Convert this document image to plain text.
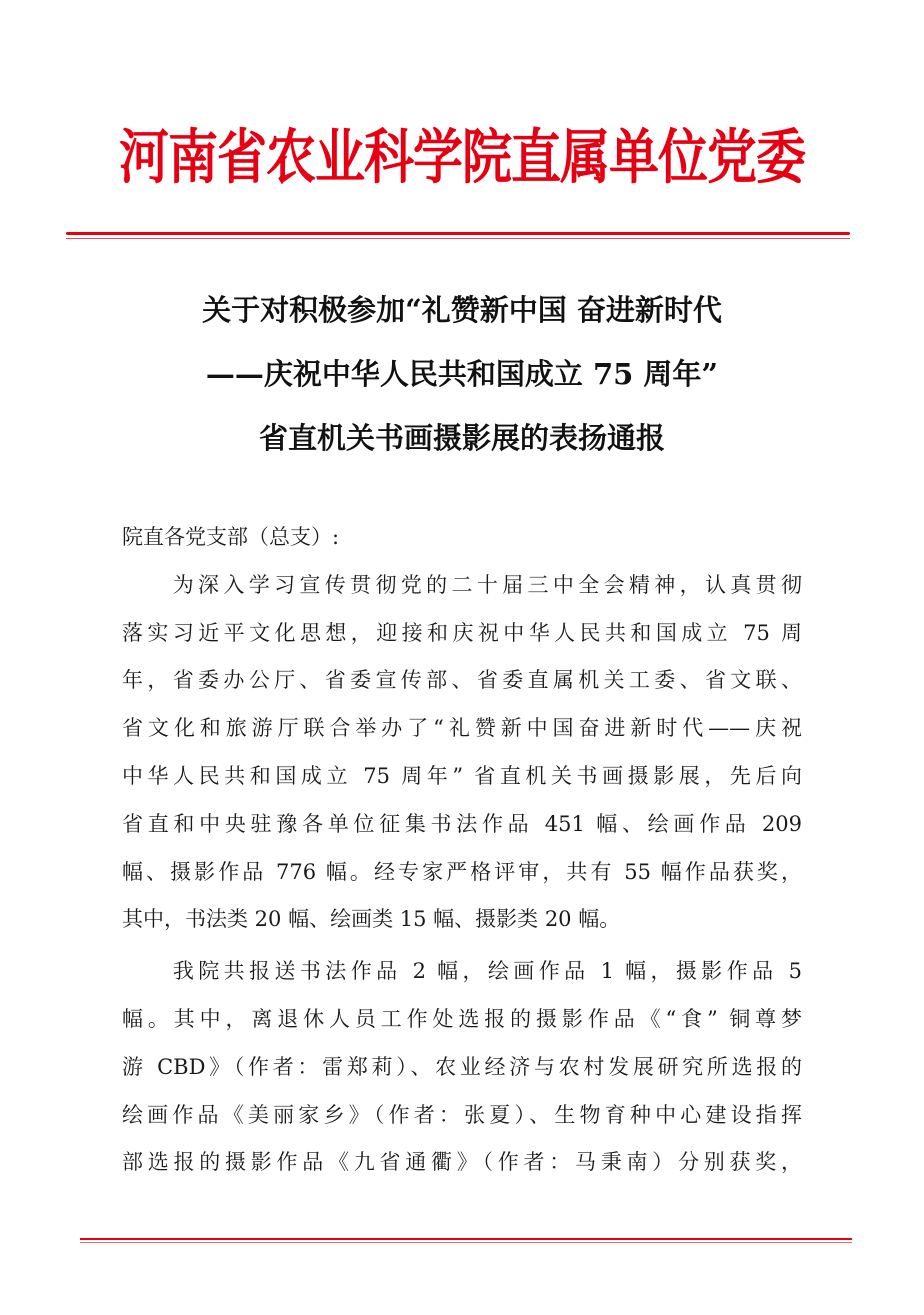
河南省农业科学院直属单位党委
关于对积极参加“礼赞新中国 奋进新时代
——庆祝中华人民共和国成立 75 周年”
省直机关书画摄影展的表扬通报
院直各党支部（总支）:
　　为深入学习宣传贯彻党的二十届三中全会精神，认真贯彻
落实习近平文化思想，迎接和庆祝中华人民共和国成立 75 周
年，省委办公厅、省委宣传部、省委直属机关工委、省文联、
省文化和旅游厅联合举办了“礼赞新中国奋进新时代——庆祝
中华人民共和国成立 75 周年” 省直机关书画摄影展，先后向
省直和中央驻豫各单位征集书法作品 451 幅、绘画作品 209
幅、摄影作品 776 幅。经专家严格评审，共有 55 幅作品获奖，
其中，书法类 20 幅、绘画类 15 幅、摄影类 20 幅。
　　我院共报送书法作品 2 幅，绘画作品 1 幅，摄影作品 5
幅。其中，离退休人员工作处选报的摄影作品《“食” 铜尊梦
游 CBD》（作者：雷郑莉）、农业经济与农村发展研究所选报的
绘画作品《美丽家乡》（作者：张夏）、生物育种中心建设指挥
部选报的摄影作品《九省通衢》（作者：马秉南）分别获奖，
